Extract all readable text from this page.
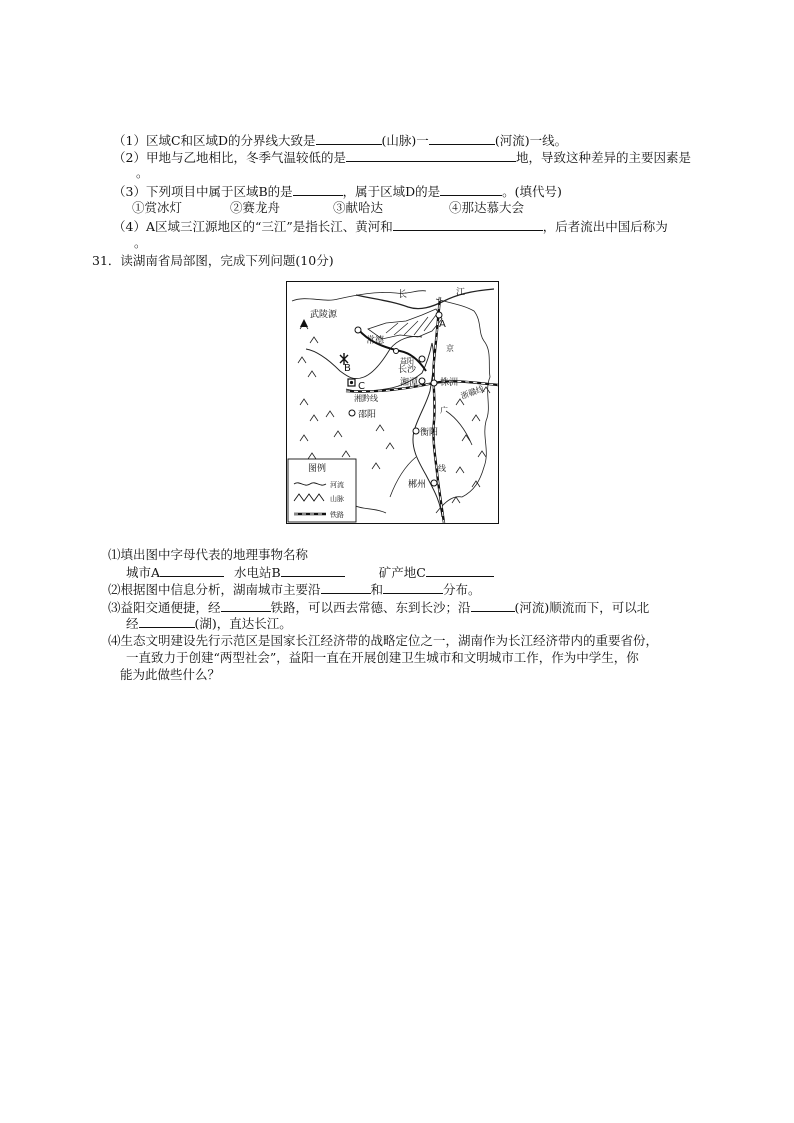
（1）区域C和区域D的分界线大致是	(山脉)一	(河流)一线。
（2）甲地与乙地相比，冬季气温较低的是	地，导致这种差异的主要因素是
。
（3）下列项目中属于区域B的是	，属于区域D的是	。(填代号)
①赏冰灯	②赛龙舟	③献哈达	④那达慕大会
（4）A区域三江源地区的“三江”是指长江、黄河和	，后者流出中国后称为
。
31．读湖南省局部图，完成下列问题(10分)
长	江
武陵源
常德
益阳
长沙
湘潭 株洲
邵阳
衡阳
郴州
京
广
线
湘黔线	浙赣线
A
B
C
图例
河流
山脉
铁路
⑴填出图中字母代表的地理事物名称
城市A	水电站B	矿产地C
⑵根据图中信息分析，湖南城市主要沿	和	分布。
⑶益阳交通便捷，经	铁路，可以西去常德、东到长沙；沿	(河流)顺流而下，可以北
经	(湖)，直达长江。
⑷生态文明建设先行示范区是国家长江经济带的战略定位之一，湖南作为长江经济带内的重要省份，
一直致力于创建“两型社会”，益阳一直在开展创建卫生城市和文明城市工作，作为中学生，你
能为此做些什么？
